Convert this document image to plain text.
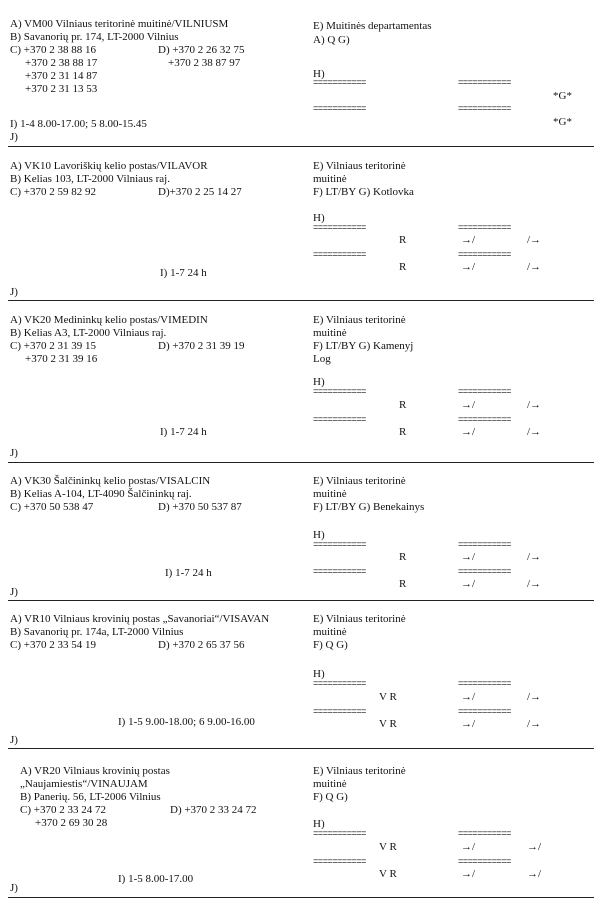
A) VM00 Vilniaus teritorinė muitinė/VILNIUSM
B) Savanorių pr. 174, LT-2000 Vilnius
C) +370 2 38 88 16
+370 2 38 88 17
+370 2 31 14 87
+370 2 31 13 53
D) +370 2 26 32 75
+370 2 38 87 97
I) 1-4 8.00-17.00; 5 8.00-15.45
J)
E) Muitinės departamentas
A) Q G)
H)
===========	===========
*G*
===========	===========
*G*
A) VK10 Lavoriškių kelio postas/VILAVOR
B) Kelias 103, LT-2000 Vilniaus raj.
C) +370 2 59 82 92	D)+370 2 25 14 27
I) 1-7 24 h
J)
E) Vilniaus teritorinė
muitinė
F) LT/BY G) Kotlovka
H)
===========	===========
R	→/	/→
===========	===========
R	→/	/→
A) VK20 Medininkų kelio postas/VIMEDIN
B) Kelias A3, LT-2000 Vilniaus raj.
C) +370 2 31 39 15
+370 2 31 39 16
D) +370 2 31 39 19
I) 1-7 24 h
J)
E) Vilniaus teritorinė
muitinė
F) LT/BY G) Kamenyj
Log
H)
===========	===========
R	→/	/→
===========	===========
R	→/	/→
A) VK30 Šalčininkų kelio postas/VISALCIN
B) Kelias A-104, LT-4090 Šalčininkų raj.
C) +370 50 538 47	D) +370 50 537 87
I) 1-7 24 h
J)
E) Vilniaus teritorinė
muitinė
F) LT/BY G) Benekainys
H)
===========	===========
R	→/	/→
===========	===========
R	→/	/→
A) VR10 Vilniaus krovinių postas „Savanoriai“/VISAVAN
B) Savanorių pr. 174a, LT-2000 Vilnius
C) +370 2 33 54 19	D) +370 2 65 37 56
I) 1-5 9.00-18.00; 6 9.00-16.00
J)
E) Vilniaus teritorinė
muitinė
F) Q G)
H)
===========	===========
V R	→/	/→
===========	===========
V R	→/	/→
A) VR20 Vilniaus krovinių postas
„Naujamiestis“/VINAUJAM
B) Panerių. 56, LT-2006 Vilnius
C) +370 2 33 24 72
+370 2 69 30 28
D) +370 2 33 24 72
I) 1-5 8.00-17.00
E) Vilniaus teritorinė
muitinė
F) Q G)
H)
===========	===========
V R	→/	→/
===========	===========
V R	→/	→/
J)
